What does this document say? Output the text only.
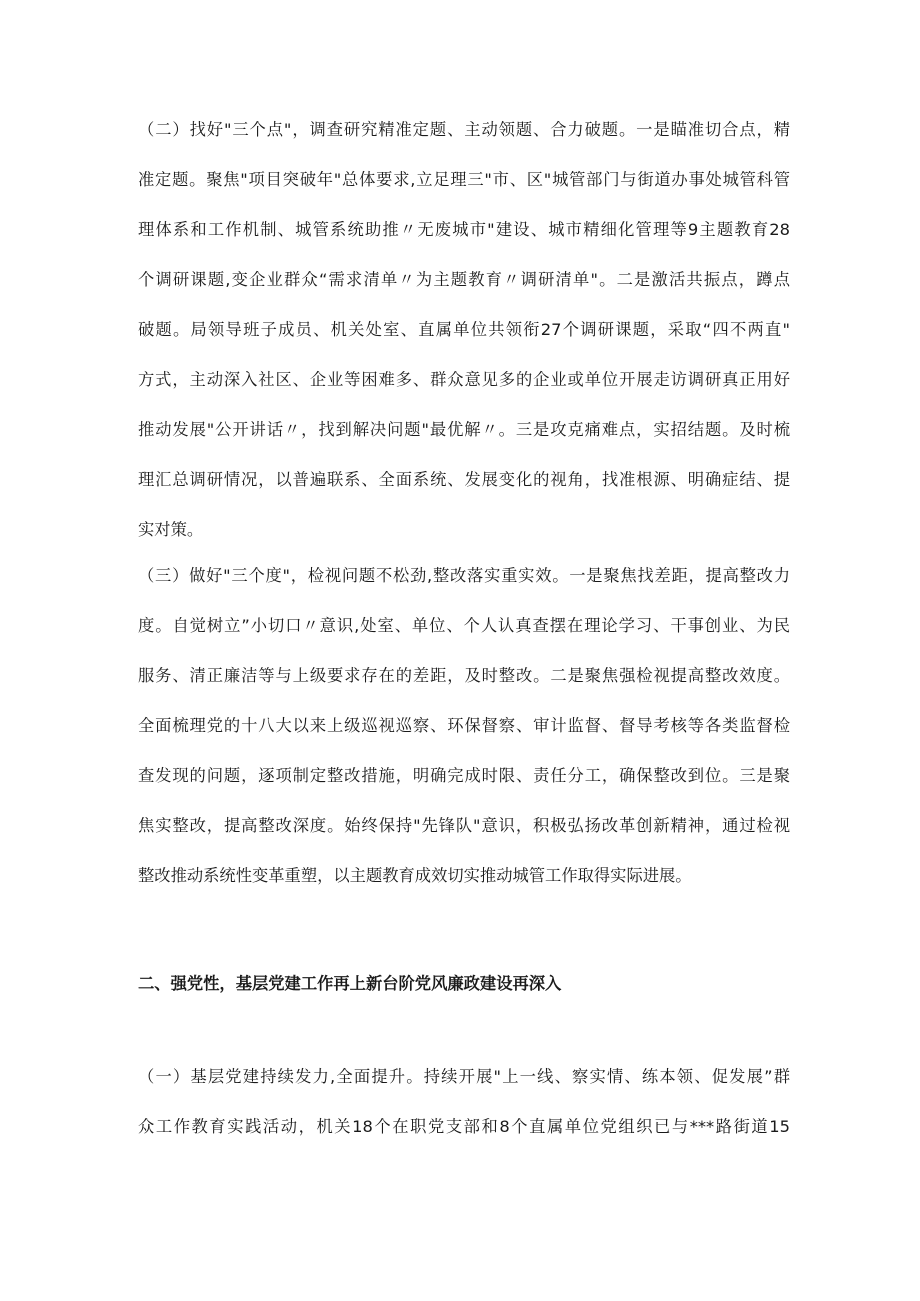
（二）找好"三个点"，调查研究精准定题、主动领题、合力破题。一是瞄准切合点，精
准定题。聚焦"项目突破年"总体要求,立足理三"市、区"城管部门与街道办事处城管科管
理体系和工作机制、城管系统助推〃无废城市"建设、城市精细化管理等9主题教育28
个调研课题,变企业群众“需求清单〃为主题教育〃调研清单"。二是激活共振点，蹲点
破题。局领导班子成员、机关处室、直属单位共领衔27个调研课题，采取“四不两直"
方式，主动深入社区、企业等困难多、群众意见多的企业或单位开展走访调研真正用好
推动发展"公开讲话〃，找到解决问题"最优解〃。三是攻克痛难点，实招结题。及时梳
理汇总调研情况，以普遍联系、全面系统、发展变化的视角，找准根源、明确症结、提
实对策。
（三）做好"三个度"，检视问题不松劲,整改落实重实效。一是聚焦找差距，提高整改力
度。自觉树立”小切口〃意识,处室、单位、个人认真查摆在理论学习、干事创业、为民
服务、清正廉洁等与上级要求存在的差距，及时整改。二是聚焦强检视提高整改效度。
全面梳理党的十八大以来上级巡视巡察、环保督察、审计监督、督导考核等各类监督检
查发现的问题，逐项制定整改措施，明确完成时限、责任分工，确保整改到位。三是聚
焦实整改，提高整改深度。始终保持"先锋队"意识，积极弘扬改革创新精神，通过检视
整改推动系统性变革重塑，以主题教育成效切实推动城管工作取得实际进展。
二、强党性，基层党建工作再上新台阶党风廉政建设再深入
（一）基层党建持续发力,全面提升。持续开展"上一线、察实情、练本领、促发展”群
众工作教育实践活动，机关18个在职党支部和8个直属单位党组织已与***路街道15
